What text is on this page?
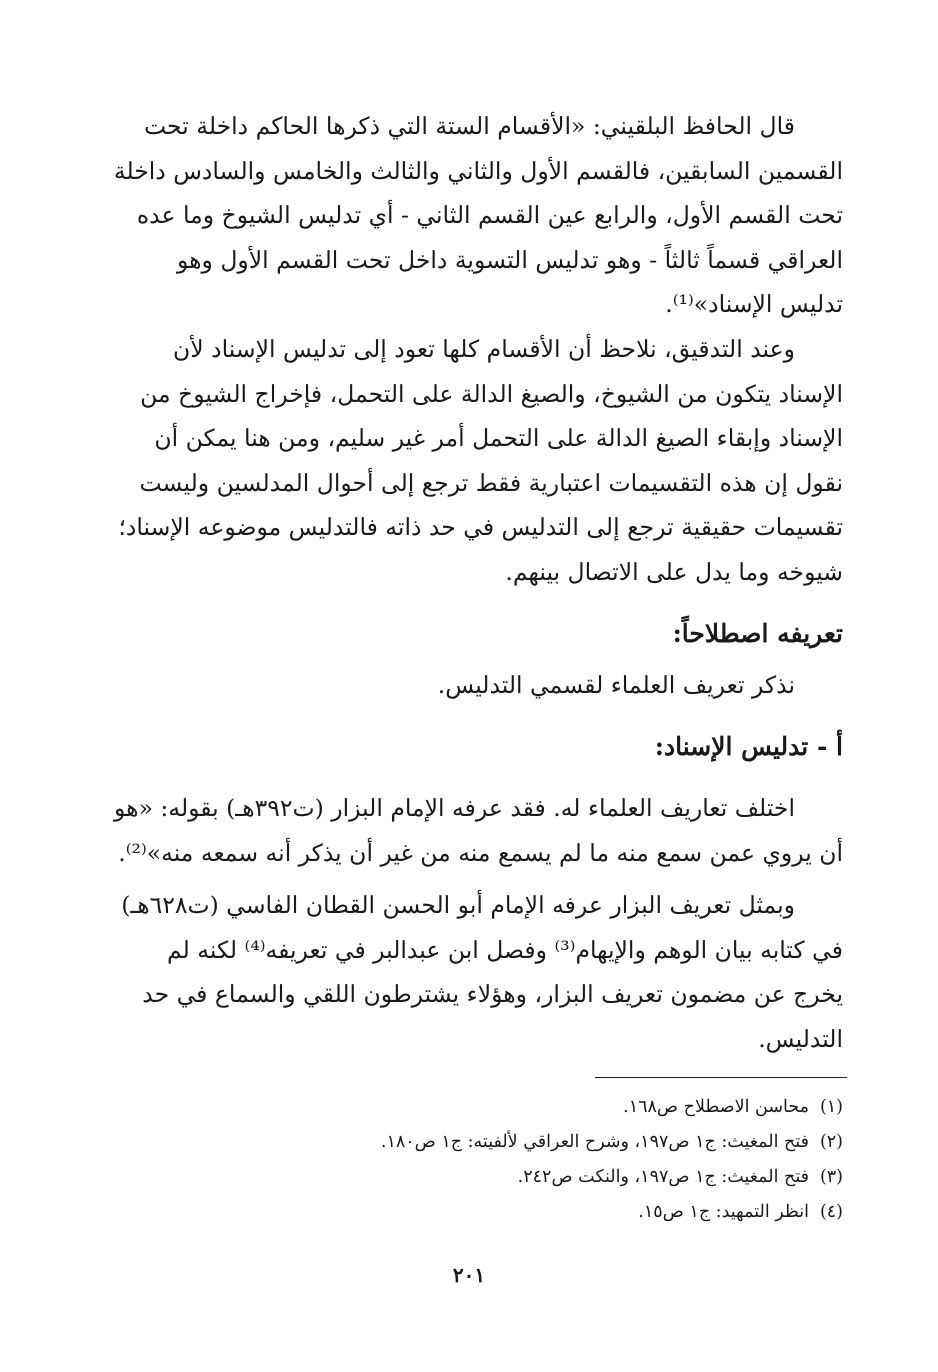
قال الحافظ البلقيني: «الأقسام الستة التي ذكرها الحاكم داخلة تحت
القسمين السابقين، فالقسم الأول والثاني والثالث والخامس والسادس داخلة
تحت القسم الأول، والرابع عين القسم الثاني - أي تدليس الشيوخ وما عده
العراقي قسماً ثالثاً - وهو تدليس التسوية داخل تحت القسم الأول وهو
تدليس الإسناد»⁽¹⁾.
وعند التدقيق، نلاحظ أن الأقسام كلها تعود إلى تدليس الإسناد لأن
الإسناد يتكون من الشيوخ، والصيغ الدالة على التحمل، فإخراج الشيوخ من
الإسناد وإبقاء الصيغ الدالة على التحمل أمر غير سليم، ومن هنا يمكن أن
نقول إن هذه التقسيمات اعتبارية فقط ترجع إلى أحوال المدلسين وليست
تقسيمات حقيقية ترجع إلى التدليس في حد ذاته فالتدليس موضوعه الإسناد؛
شيوخه وما يدل على الاتصال بينهم.
تعريفه اصطلاحاً:
نذكر تعريف العلماء لقسمي التدليس.
أ - تدليس الإسناد:
اختلف تعاريف العلماء له. فقد عرفه الإمام البزار (ت٣٩٢هـ) بقوله: «هو
أن يروي عمن سمع منه ما لم يسمع منه من غير أن يذكر أنه سمعه منه»⁽²⁾.
وبمثل تعريف البزار عرفه الإمام أبو الحسن القطان الفاسي (ت٦٢٨هـ)
في كتابه بيان الوهم والإيهام⁽³⁾ وفصل ابن عبدالبر في تعريفه⁽⁴⁾ لكنه لم
يخرج عن مضمون تعريف البزار، وهؤلاء يشترطون اللقي والسماع في حد
التدليس.
(١)محاسن الاصطلاح ص١٦٨.
(٢)فتح المغيث: ج١ ص١٩٧، وشرح العراقي لألفيته: ج١ ص١٨٠.
(٣)فتح المغيث: ج١ ص١٩٧، والنكت ص٢٤٢.
(٤)انظر التمهيد: ج١ ص١٥.
٢٠١
